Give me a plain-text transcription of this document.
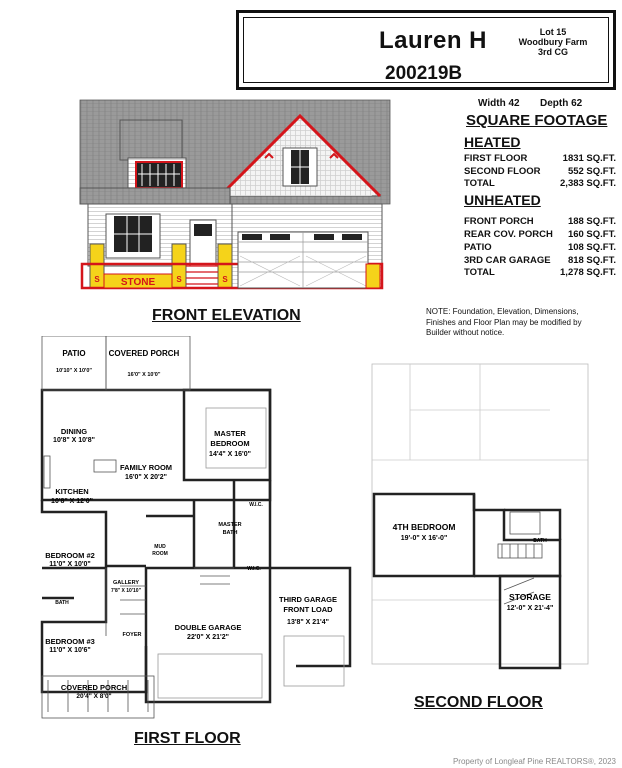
Lauren H	Lot 15
Woodbury Farm
3rd CG
200219B
Width 42 Depth 62
SQUARE FOOTAGE
HEATED
FIRST FLOOR	1831 SQ.FT.
SECOND FLOOR	552 SQ.FT.
TOTAL	2,383 SQ.FT.
UNHEATED
FRONT PORCH	188 SQ.FT.
REAR COV. PORCH 160 SQ.FT.
PATIO	108 SQ.FT.
3RD CAR GARAGE 818 SQ.FT.
TOTAL	1,278 SQ.FT.
NOTE: Foundation, Elevation, Dimensions, Finishes and Floor Plan may be modified by Builder without notice.
STONE
S	S	S
FRONT ELEVATION
PATIO
10'10" X 10'0"
COVERED PORCH
16'0" X 10'0"
DINING
10'8" X 10'8"
MASTER
BEDROOM
14'4" X 16'0"
FAMILY ROOM
16'0" X 20'2"
KITCHEN
10'8" X 12'0"	W.I.C.
MASTER
BATH
BEDROOM #2
11'0" X 10'0"
MUD
ROOM
W.I.C.
GALLERY
7'8" X 10'10"
BATH
DOUBLE GARAGE
22'0" X 21'2"
THIRD GARAGE
FRONT LOAD
13'8" X 21'4"
BEDROOM #3
11'0" X 10'6"
FOYER
COVERED PORCH
20'4" X 8'0"
FIRST FLOOR
4TH BEDROOM
19'-0" X 16'-0"	BATH
STORAGE
12'-0" X 21'-4"
SECOND FLOOR
Property of Longleaf Pine REALTORS®, 2023
